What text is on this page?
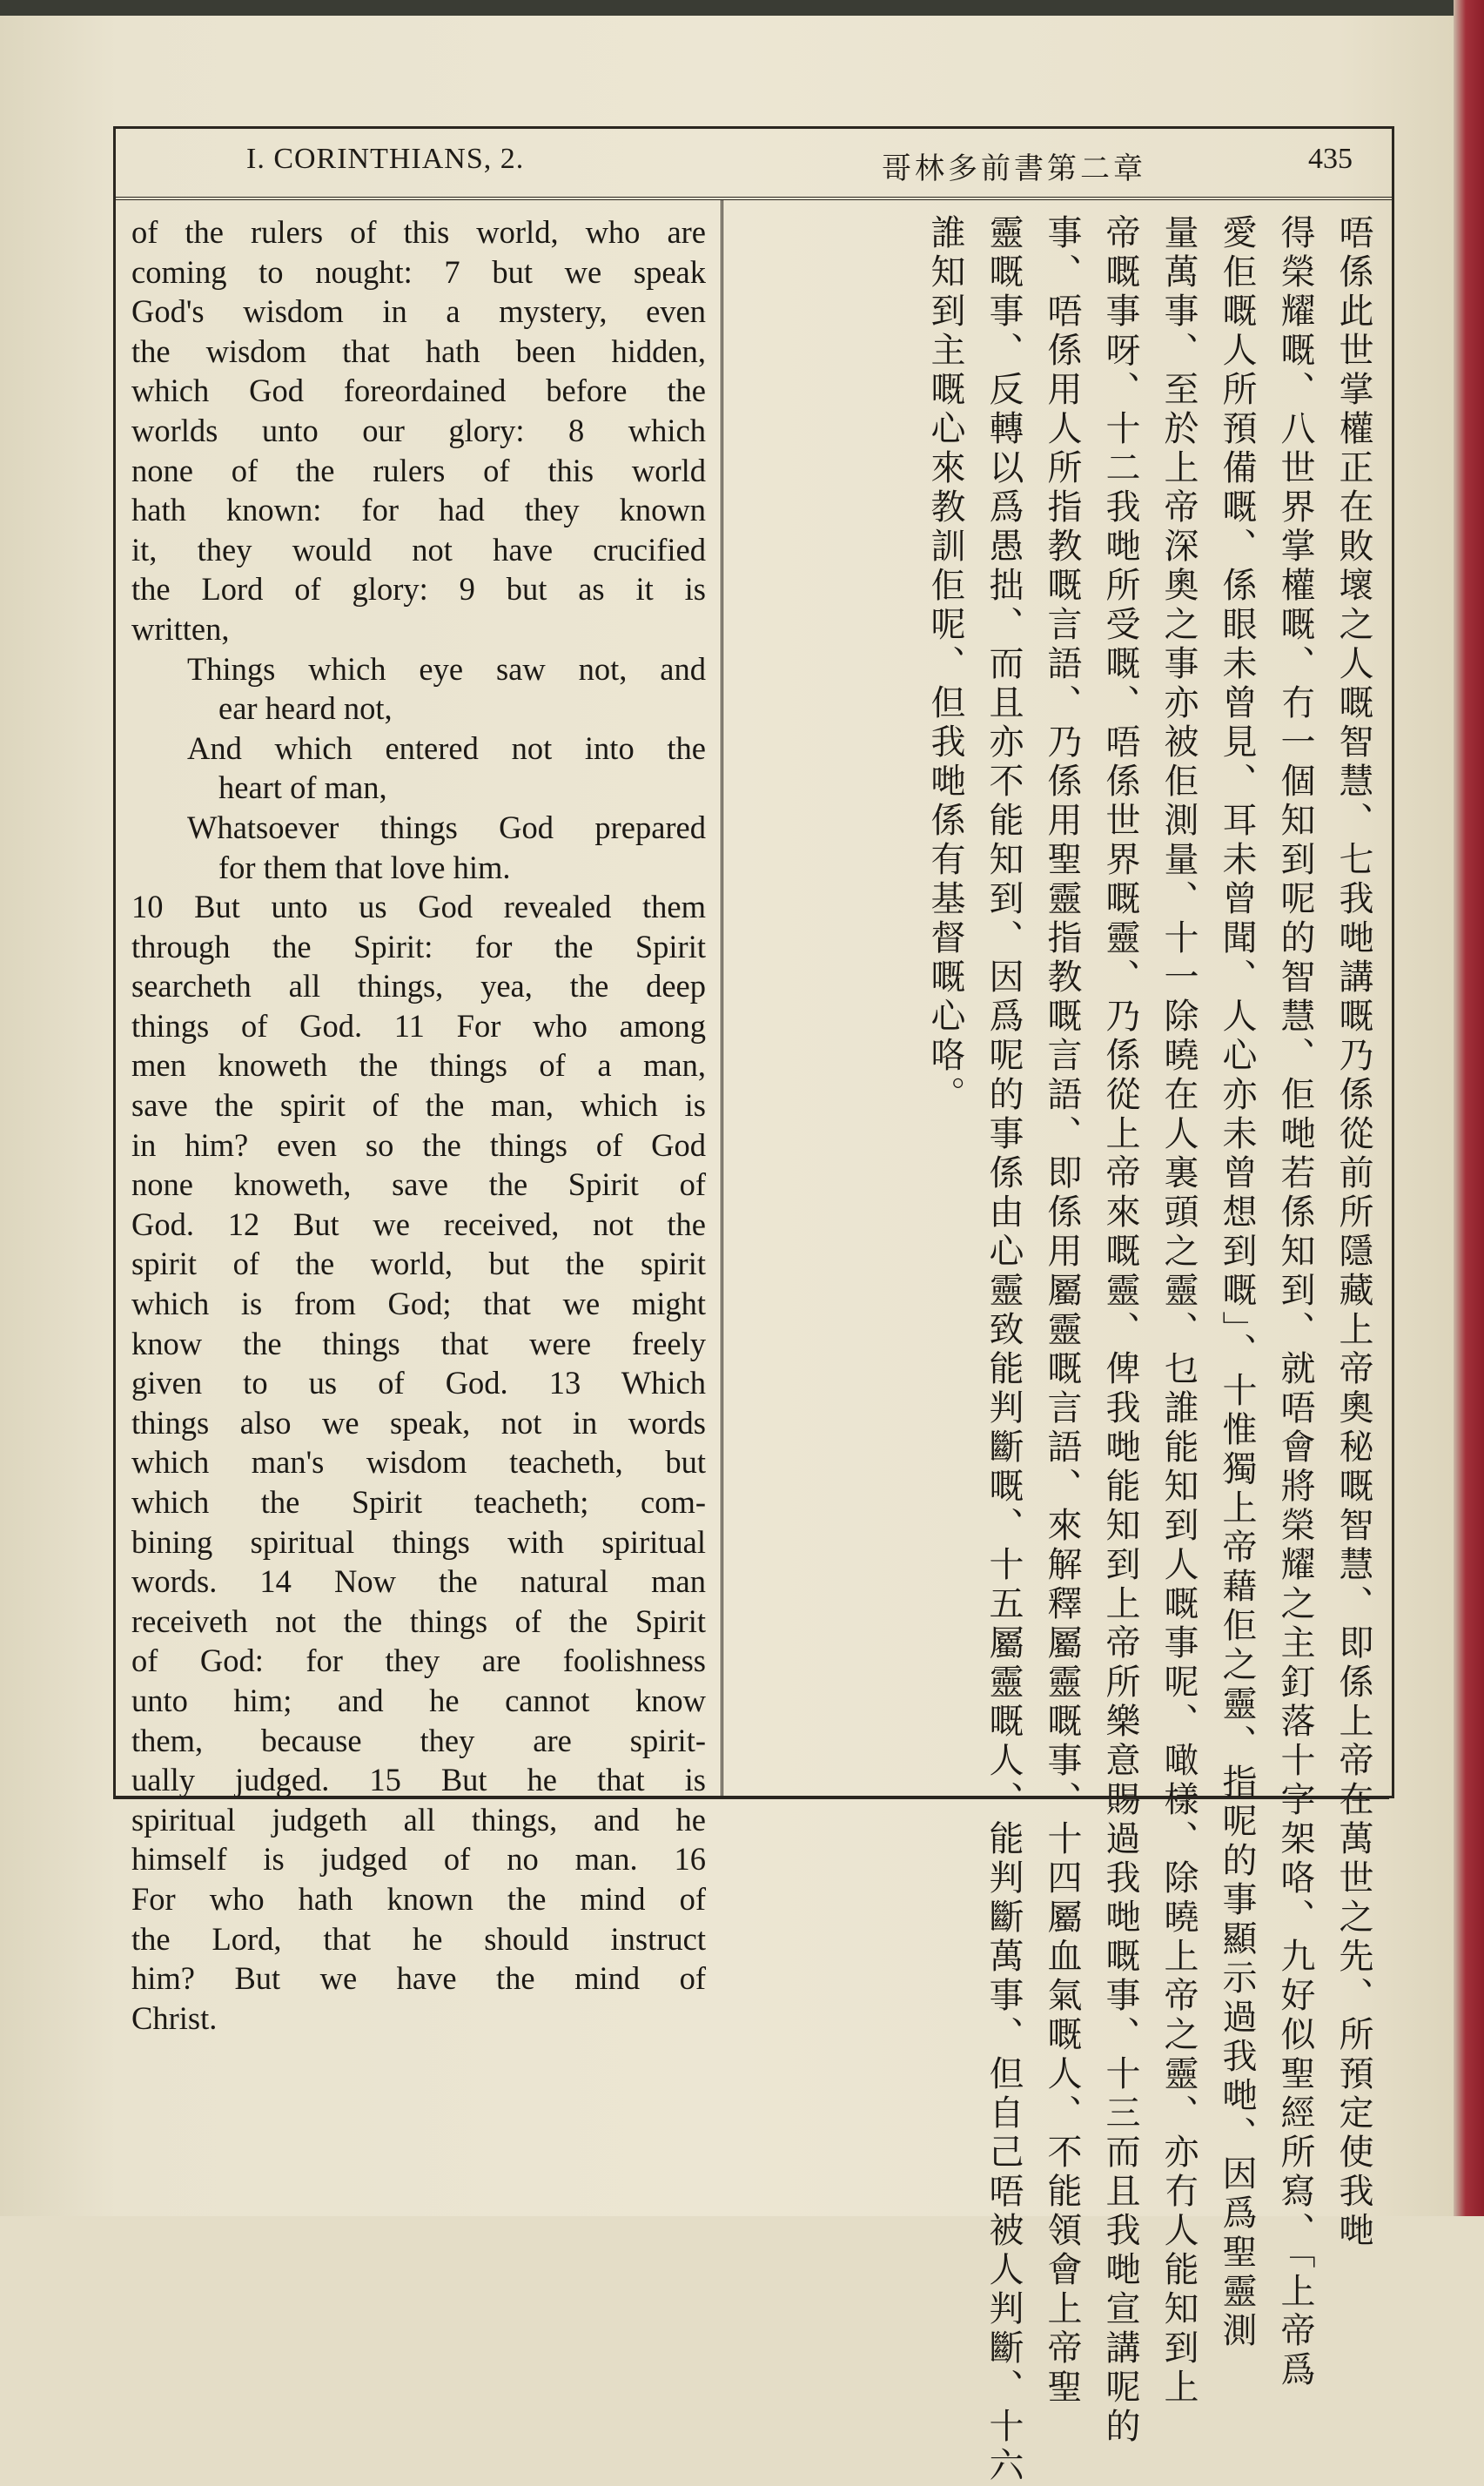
I. CORINTHIANS, 2.	哥林多前書第二章	435
of the rulers of this world, who are
coming to nought: 7 but we speak
God's wisdom in a mystery, even
the wisdom that hath been hidden,
which God foreordained before the
worlds unto our glory: 8 which
none of the rulers of this world
hath known: for had they known
it, they would not have crucified
the Lord of glory: 9 but as it is
written,
Things which eye saw not, and
ear heard not,
And which entered not into the
heart of man,
Whatsoever things God prepared
for them that love him.
10 But unto us God revealed them
through the Spirit: for the Spirit
searcheth all things, yea, the deep
things of God. 11 For who among
men knoweth the things of a man,
save the spirit of the man, which is
in him? even so the things of God
none knoweth, save the Spirit of
God. 12 But we received, not the
spirit of the world, but the spirit
which is from God; that we might
know the things that were freely
given to us of God. 13 Which
things also we speak, not in words
which man's wisdom teacheth, but
which the Spirit teacheth; com-
bining spiritual things with spiritual
words. 14 Now the natural man
receiveth not the things of the Spirit
of God: for they are foolishness
unto him; and he cannot know
them, because they are spirit-
ually judged. 15 But he that is
spiritual judgeth all things, and he
himself is judged of no man. 16
For who hath known the mind of
the Lord, that he should instruct
him? But we have the mind of
Christ.	唔係此世掌權正在敗壞之人嘅智慧、七我哋講嘅乃係從前所隱藏上帝奧秘嘅智慧、即係上帝在萬世之先、所預定使我哋
得榮耀嘅、八世界掌權嘅、冇一個知到呢的智慧、佢哋若係知到、就唔會將榮耀之主釘落十字架咯、九好似聖經所寫、「上帝爲
愛佢嘅人所預備嘅、係眼未曾見、耳未曾聞、人心亦未曾想到嘅」、十惟獨上帝藉佢之靈、指呢的事顯示過我哋、因爲聖靈測
量萬事、至於上帝深奧之事亦被佢測量、十一除曉在人裏頭之靈、乜誰能知到人嘅事呢、噉樣、除曉上帝之靈、亦冇人能知到上
帝嘅事呀、十二我哋所受嘅、唔係世界嘅靈、乃係從上帝來嘅靈、俾我哋能知到上帝所樂意賜過我哋嘅事、十三而且我哋宣講呢的
事、唔係用人所指教嘅言語、乃係用聖靈指教嘅言語、即係用屬靈嘅言語、來解釋屬靈嘅事、十四屬血氣嘅人、不能領會上帝聖
靈嘅事、反轉以爲愚拙、而且亦不能知到、因爲呢的事係由心靈致能判斷嘅、十五屬靈嘅人、能判斷萬事、但自己唔被人判斷、十六
誰知到主嘅心來教訓佢呢、但我哋係有基督嘅心咯。
